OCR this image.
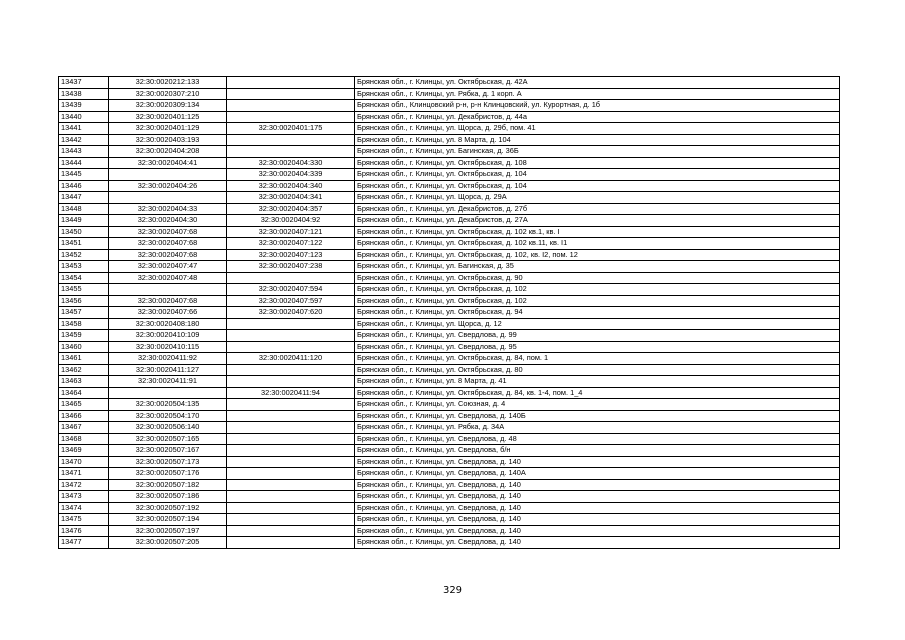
13437	32:30:0020212:133		Брянская обл., г. Клинцы, ул. Октябрьская, д. 42А
13438	32:30:0020307:210		Брянская обл., г. Клинцы, ул. Рябка, д. 1 корп. А
13439	32:30:0020309:134		Брянская обл., Клинцовский р-н, р-н Клинцовский, ул. Курортная, д. 1б
13440	32:30:0020401:125		Брянская обл., г. Клинцы, ул. Декабристов, д. 44а
13441	32:30:0020401:129	32:30:0020401:175	Брянская обл., г. Клинцы, ул. Щорса, д. 29б, пом. 41
13442	32:30:0020403:193		Брянская обл., г. Клинцы, ул. 8 Марта, д. 104
13443	32:30:0020404:208		Брянская обл., г. Клинцы, ул. Багинская, д. 36Б
13444	32:30:0020404:41	32:30:0020404:330	Брянская обл., г. Клинцы, ул. Октябрьская, д. 108
13445		32:30:0020404:339	Брянская обл., г. Клинцы, ул. Октябрьская, д. 104
13446	32:30:0020404:26	32:30:0020404:340	Брянская обл., г. Клинцы, ул. Октябрьская, д. 104
13447		32:30:0020404:341	Брянская обл., г. Клинцы, ул. Щорса, д. 29А
13448	32:30:0020404:33	32:30:0020404:357	Брянская обл., г. Клинцы, ул. Декабристов, д. 27б
13449	32:30:0020404:30	32:30:0020404:92	Брянская обл., г. Клинцы, ул. Декабристов, д. 27А
13450	32:30:0020407:68	32:30:0020407:121	Брянская обл., г. Клинцы, ул. Октябрьская, д. 102 кв.1, кв. I
13451	32:30:0020407:68	32:30:0020407:122	Брянская обл., г. Клинцы, ул. Октябрьская, д. 102 кв.11, кв. I1
13452	32:30:0020407:68	32:30:0020407:123	Брянская обл., г. Клинцы, ул. Октябрьская, д. 102, кв. I2, пом. 12
13453	32:30:0020407:47	32:30:0020407:238	Брянская обл., г. Клинцы, ул. Багинская, д. 35
13454	32:30:0020407:48		Брянская обл., г. Клинцы, ул. Октябрьская, д. 90
13455		32:30:0020407:594	Брянская обл., г. Клинцы, ул. Октябрьская, д. 102
13456	32:30:0020407:68	32:30:0020407:597	Брянская обл., г. Клинцы, ул. Октябрьская, д. 102
13457	32:30:0020407:66	32:30:0020407:620	Брянская обл., г. Клинцы, ул. Октябрьская, д. 94
13458	32:30:0020408:180		Брянская обл., г. Клинцы, ул. Щорса, д. 12
13459	32:30:0020410:109		Брянская обл., г. Клинцы, ул. Свердлова, д. 99
13460	32:30:0020410:115		Брянская обл., г. Клинцы, ул. Свердлова, д. 95
13461	32:30:0020411:92	32:30:0020411:120	Брянская обл., г. Клинцы, ул. Октябрьская, д. 84, пом. 1
13462	32:30:0020411:127		Брянская обл., г. Клинцы, ул. Октябрьская, д. 80
13463	32:30:0020411:91		Брянская обл., г. Клинцы, ул. 8 Марта, д. 41
13464		32:30:0020411:94	Брянская обл., г. Клинцы, ул. Октябрьская, д. 84, кв. 1-4, пом. 1_4
13465	32:30:0020504:135		Брянская обл., г. Клинцы, ул. Союзная, д. 4
13466	32:30:0020504:170		Брянская обл., г. Клинцы, ул. Свердлова, д. 140Б
13467	32:30:0020506:140		Брянская обл., г. Клинцы, ул. Рябка, д. 34А
13468	32:30:0020507:165		Брянская обл., г. Клинцы, ул. Свердлова, д. 48
13469	32:30:0020507:167		Брянская обл., г. Клинцы, ул. Свердлова, б/н
13470	32:30:0020507:173		Брянская обл., г. Клинцы, ул. Свердлова, д. 140
13471	32:30:0020507:176		Брянская обл., г. Клинцы, ул. Свердлова, д. 140А
13472	32:30:0020507:182		Брянская обл., г. Клинцы, ул. Свердлова, д. 140
13473	32:30:0020507:186		Брянская обл., г. Клинцы, ул. Свердлова, д. 140
13474	32:30:0020507:192		Брянская обл., г. Клинцы, ул. Свердлова, д. 140
13475	32:30:0020507:194		Брянская обл., г. Клинцы, ул. Свердлова, д. 140
13476	32:30:0020507:197		Брянская обл., г. Клинцы, ул. Свердлова, д. 140
13477	32:30:0020507:205		Брянская обл., г. Клинцы, ул. Свердлова, д. 140
329
